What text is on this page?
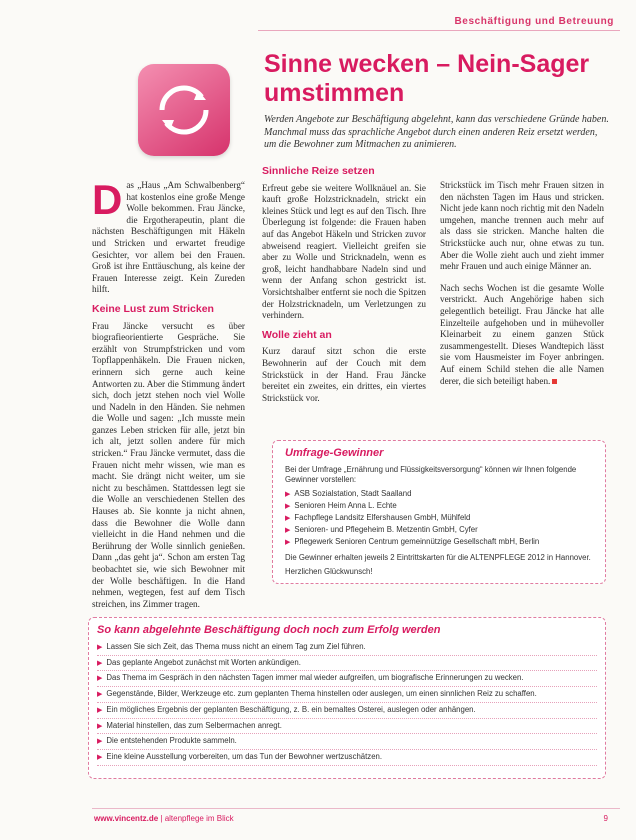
Beschäftigung und Betreuung
Sinne wecken – Nein-Sager umstimmen

Werden Angebote zur Beschäftigung abgelehnt, kann das verschiedene Gründe haben. Manchmal muss das sprachliche Angebot durch einen anderen Reiz ersetzt werden, um die Bewohner zum Mitmachen zu animieren.

Das „Haus „Am Schwalbenberg“ hat kostenlos eine große Menge Wolle bekommen. Frau Jäncke, die Ergotherapeutin, plant die nächsten Beschäftigungen mit Häkeln und Stricken und erwartet freudige Gesichter, vor allem bei den Frauen. Groß ist ihre Enttäuschung, als keine der Frauen Interesse zeigt. Kein Zureden hilft.

Keine Lust zum Stricken

Frau Jäncke versucht es über biografieorientierte Gespräche. Sie erzählt von Strumpfstricken und vom Topflappenhäkeln. Die Frauen nicken, erinnern sich gerne auch keine Antworten zu. Aber die Stimmung ändert sich, doch jetzt stehen noch viel Wolle und Nadeln in den Händen. Sie nehmen die Wolle und sagen: „Ich musste mein ganzes Leben stricken für alle, jetzt bin ich alt, jetzt sollen andere für mich stricken.“ Frau Jäncke vermutet, dass die Frauen nicht mehr wissen, wie man es macht. Sie drängt nicht weiter, um sie nicht zu beschämen. Stattdessen legt sie die Wolle an verschiedenen Stellen des Hauses ab. Sie konnte ja nicht ahnen, dass die Bewohner die Wolle dann vielleicht in die Hand nehmen und die Berührung der Wolle sinnlich genießen. Dann „das geht ja“. Schon am ersten Tag beobachtet sie, wie sich Bewohner mit der Wolle beschäftigen. In die Hand nehmen, wegtegen, fest auf dem Tisch streichen, ins Zimmer tragen.

Sinnliche Reize setzen

Erfreut gebe sie weitere Wollknäuel an. Sie kauft große Holzstricknadeln, strickt ein kleines Stück und legt es auf den Tisch. Ihre Überlegung ist folgende: die Frauen haben auf das Angebot Häkeln und Stricken zuvor abweisend reagiert. Vielleicht greifen sie aber zu Wolle und Stricknadeln, wenn es groß, leicht handhabbare Nadeln sind und wenn der Anfang schon gestrickt ist. Vorsichtshalber entfernt sie noch die Spitzen der Holzstricknadeln, um Verletzungen zu verhindern.

Wolle zieht an

Kurz darauf sitzt schon die erste Bewohnerin auf der Couch mit dem Strickstück in der Hand. Frau Jäncke bereitet ein zweites, ein drittes, ein viertes Strickstück vor.

Strickstück im Tisch mehr Frauen sitzen in den nächsten Tagen im Haus und stricken. Nicht jede kann noch richtig mit den Nadeln umgehen, manche trennen auch mehr auf als dass sie stricken. Manche halten die Strickstücke auch nur, ohne etwas zu tun. Aber die Wolle zieht auch und zieht immer mehr Frauen und auch einige Männer an.

Nach sechs Wochen ist die gesamte Wolle verstrickt. Auch Angehörige haben sich gelegentlich beteiligt. Frau Jäncke hat alle Einzelteile aufgehoben und in mühevoller Kleinarbeit zu einem ganzen Stück zusammengestellt. Dieses Wandtepich lässt sie vom Hausmeister im Foyer anbringen. Auf einem Schild stehen die alle Namen derer, die sich beteiligt haben.

Umfrage-Gewinner

Bei der Umfrage „Ernährung und Flüssigkeitsversorgung“ können wir Ihnen folgende Gewinner vorstellen:

▶ ASB Sozialstation, Stadt Saalland
▶ Senioren Heim Anna L. Echte
▶ Fachpflege Landsitz Elfershausen GmbH, Mühlfeld
▶ Senioren- und Pflegeheim B. Metzentin GmbH, Cyfer
▶ Pflegewerk Senioren Centrum gemeinnützige Gesellschaft mbH, Berlin

Die Gewinner erhalten jeweils 2 Eintrittskarten für die ALTENPFLEGE 2012 in Hannover.

Herzlichen Glückwunsch!

So kann abgelehnte Beschäftigung doch noch zum Erfolg werden
▶ Lassen Sie sich Zeit, das Thema muss nicht an einem Tag zum Ziel führen.
▶ Das geplante Angebot zunächst mit Worten ankündigen.
▶ Das Thema im Gespräch in den nächsten Tagen immer mal wieder aufgreifen, um biografische Erinnerungen zu wecken.
▶ Gegenstände, Bilder, Werkzeuge etc. zum geplanten Thema hinstellen oder auslegen, um einen sinnlichen Reiz zu schaffen.
▶ Ein mögliches Ergebnis der geplanten Beschäftigung, z. B. ein bemaltes Osterei, auslegen oder anhängen.
▶ Material hinstellen, das zum Selbermachen anregt.
▶ Die entstehenden Produkte sammeln.
▶ Eine kleine Ausstellung vorbereiten, um das Tun der Bewohner wertzuschätzen.
www.vincentz.de | altenpflege im Blick	9
